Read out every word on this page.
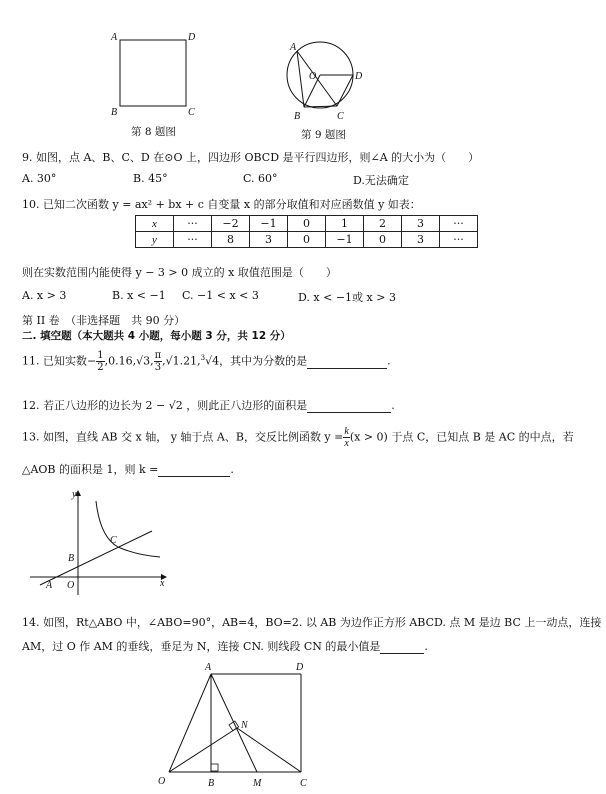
A	D
B	C
第 8 题图
A
O	D
B	C
第 9 题图
9. 如图，点 A、B、C、D 在⊙O 上，四边形 OBCD 是平行四边形，则∠A 的大小为（　　）
A. 30°	B. 45°	C. 60°	D.无法确定
10. 已知二次函数 y = ax² + bx + c 自变量 x 的部分取值和对应函数值 y 如表：
x	···	−2	−1	0	1	2	3	···
y	···	8	3	0	−1	0	3	···
则在实数范围内能使得 y − 3 > 0 成立的 x 取值范围是（　　）
A. x > 3	B. x < −1 C. −1 < x < 3	D. x < −1或 x > 3
第 II 卷　（非选择题　共 90 分）
二. 填空题（本大题共 4 小题，每小题 3 分，共 12 分）
11. 已知实数− $\frac{1}{2} ,0.16,√3$, $\frac{\pi}{3} ,√1.21,^3√4$，其中为分数的是	.
12. 若正八边形的边长为 2 − √2 ，则此正八边形的面积是	.
13. 如图，直线 AB 交 x 轴， y 轴于点 A、B，交反比例函数 $y = \frac{k}{x} (x > 0)$ 于点 C，已知点 B 是 AC 的中点，若
△AOB 的面积是 1，则 k =	.
y
x
C
B
A O
14. 如图，Rt△ABO 中，∠ABO=90°，AB=4，BO=2. 以 AB 为边作正方形 ABCD. 点 M 是边 BC 上一动点，连接
AM，过 O 作 AM 的垂线，垂足为 N，连接 CN. 则线段 CN 的最小值是	.
A	D
N
O	B	M	C
